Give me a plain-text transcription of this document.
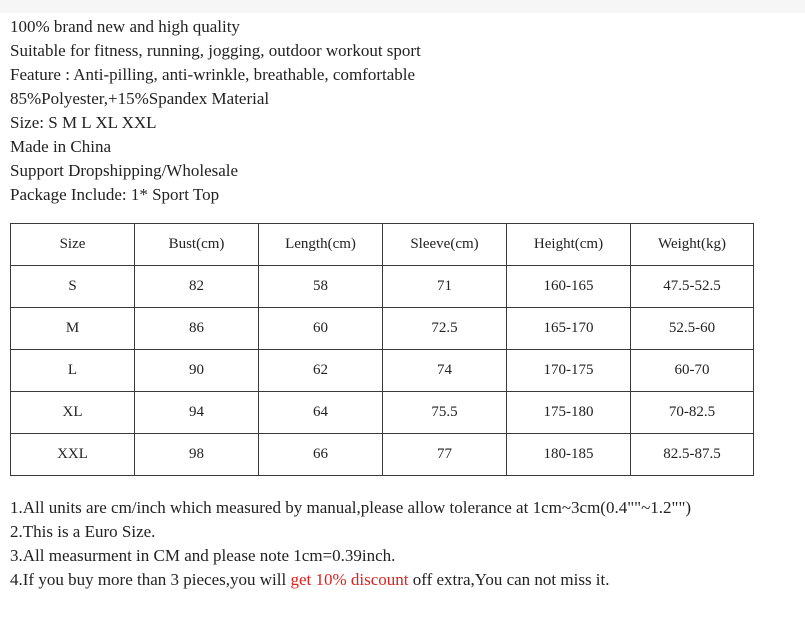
100% brand new and high quality
Suitable for fitness, running, jogging, outdoor workout sport
Feature : Anti-pilling, anti-wrinkle, breathable, comfortable
85%Polyester,+15%Spandex Material
Size: S M L XL XXL
Made in China
Support Dropshipping/Wholesale
Package Include: 1* Sport Top
Size	Bust(cm)	Length(cm)	Sleeve(cm)	Height(cm)	Weight(kg)
S	82	58	71	160-165	47.5-52.5
M	86	60	72.5	165-170	52.5-60
L	90	62	74	170-175	60-70
XL	94	64	75.5	175-180	70-82.5
XXL	98	66	77	180-185	82.5-87.5
1.All units are cm/inch which measured by manual,please allow tolerance at 1cm~3cm(0.4""~1.2"")
2.This is a Euro Size.
3.All measurment in CM and please note 1cm=0.39inch.
4.If you buy more than 3 pieces,you will get 10% discount off extra,You can not miss it.
